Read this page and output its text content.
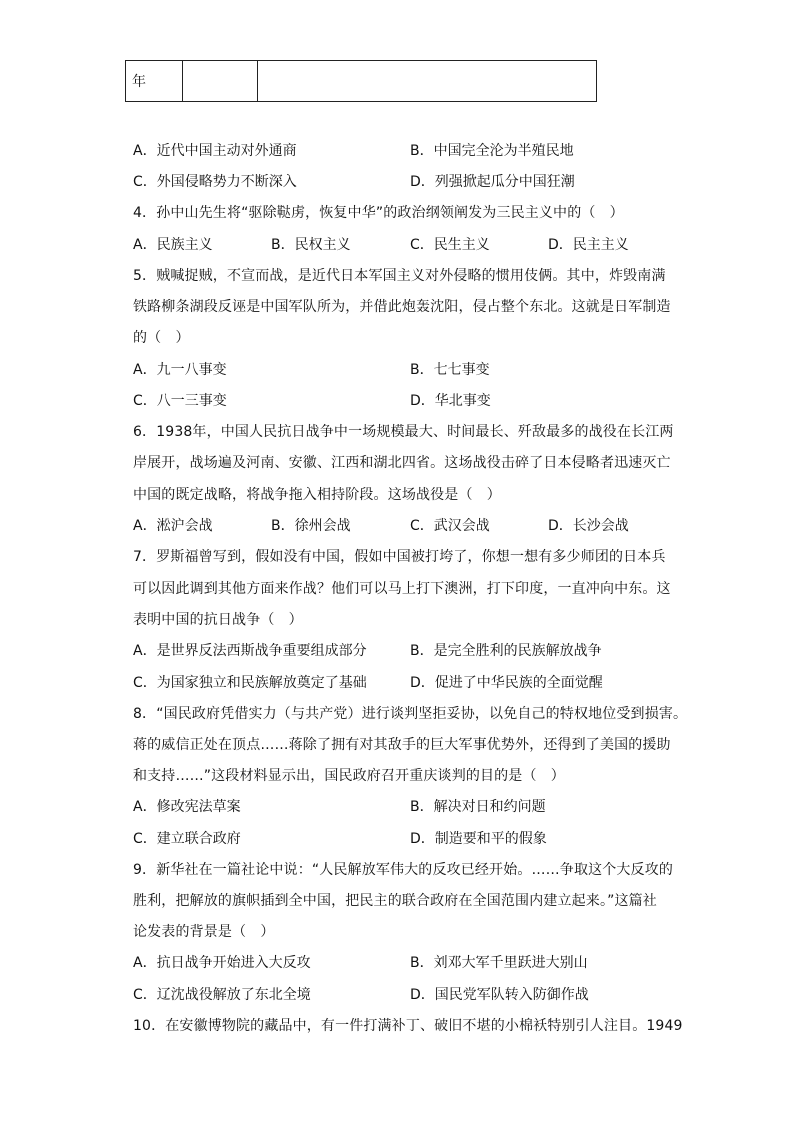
年		
A．近代中国主动对外通商	B．中国完全沦为半殖民地
C．外国侵略势力不断深入	D．列强掀起瓜分中国狂潮
4．孙中山先生将“驱除鞑虏，恢复中华”的政治纲领阐发为三民主义中的（　）
A．民族主义	B．民权主义	C．民生主义	D．民主主义
5．贼喊捉贼，不宣而战，是近代日本军国主义对外侵略的惯用伎俩。其中，炸毁南满
铁路柳条湖段反诬是中国军队所为，并借此炮轰沈阳，侵占整个东北。这就是日军制造
的（　）
A．九一八事变	B．七七事变
C．八一三事变	D．华北事变
6．1938年，中国人民抗日战争中一场规模最大、时间最长、歼敌最多的战役在长江两
岸展开，战场遍及河南、安徽、江西和湖北四省。这场战役击碎了日本侵略者迅速灭亡
中国的既定战略，将战争拖入相持阶段。这场战役是（　）
A．淞沪会战	B．徐州会战	C．武汉会战	D．长沙会战
7．罗斯福曾写到，假如没有中国，假如中国被打垮了，你想一想有多少师团的日本兵
可以因此调到其他方面来作战？他们可以马上打下澳洲，打下印度，一直冲向中东。这
表明中国的抗日战争（　）
A．是世界反法西斯战争重要组成部分	B．是完全胜利的民族解放战争
C．为国家独立和民族解放奠定了基础	D．促进了中华民族的全面觉醒
8．“国民政府凭借实力（与共产党）进行谈判坚拒妥协，以免自己的特权地位受到损害。
蒋的威信正处在顶点……蒋除了拥有对其敌手的巨大军事优势外，还得到了美国的援助
和支持……”这段材料显示出，国民政府召开重庆谈判的目的是（　）
A．修改宪法草案	B．解决对日和约问题
C．建立联合政府	D．制造要和平的假象
9．新华社在一篇社论中说：“人民解放军伟大的反攻已经开始。……争取这个大反攻的
胜利，把解放的旗帜插到全中国，把民主的联合政府在全国范围内建立起来。”这篇社
论发表的背景是（　）
A．抗日战争开始进入大反攻	B．刘邓大军千里跃进大别山
C．辽沈战役解放了东北全境	D．国民党军队转入防御作战
10．在安徽博物院的藏品中，有一件打满补丁、破旧不堪的小棉袄特别引人注目。1949
